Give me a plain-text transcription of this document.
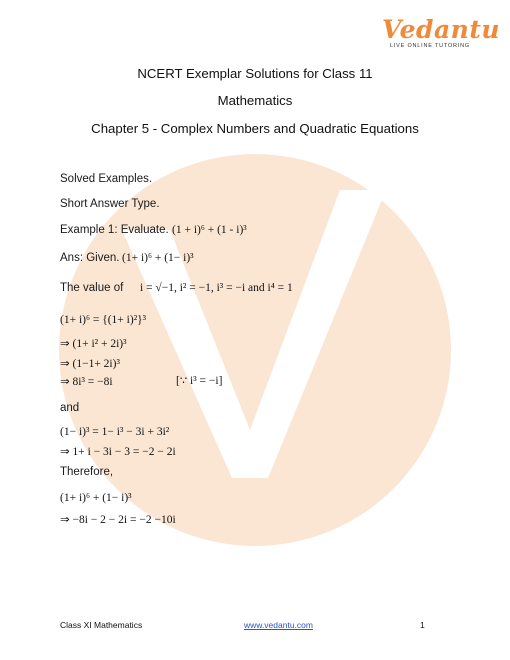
Vedantu
LIVE ONLINE TUTORING
NCERT Exemplar Solutions for Class 11
Mathematics
Chapter 5 - Complex Numbers and Quadratic Equations
Solved Examples.
Short Answer Type.
Example 1: Evaluate. (1 + i)⁶ + (1 - i)³
Ans: Given. (1+ i)⁶ + (1− i)³
The value of i = √−1, i² = −1, i³ = −i and i⁴ = 1
(1+ i)⁶ = {(1+ i)²}³
⇒ (1+ i² + 2i)³
⇒ (1−1+ 2i)³
⇒ 8i³ = −8i	[∵ i³ = −i]
and
(1− i)³ = 1− i³ − 3i + 3i²
⇒ 1+ i − 3i − 3 = −2 − 2i
Therefore,
(1+ i)⁶ + (1− i)³
⇒ −8i − 2 − 2i = −2 −10i
Class XI Mathematics	www.vedantu.com	1
